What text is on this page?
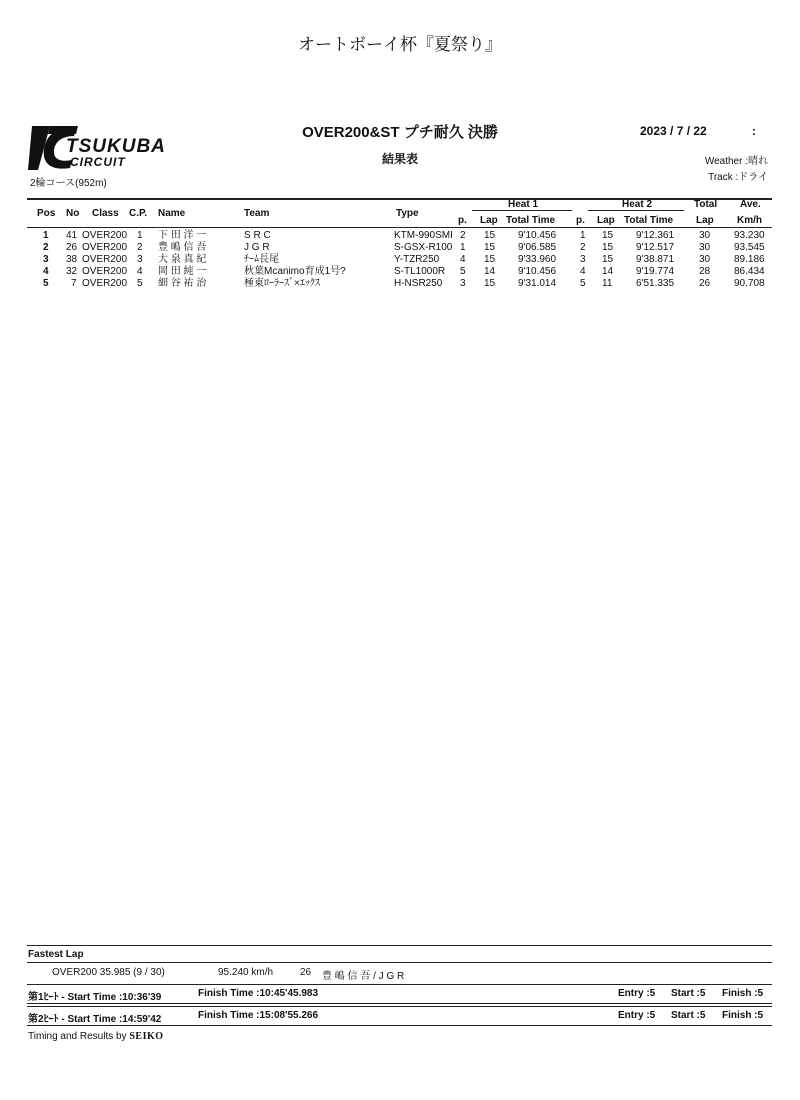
オートボーイ杯『夏祭り』
TSUKUBA
CIRCUIT
2輪コース(952m)
OVER200&ST プチ耐久 決勝
結果表
2023 / 7 / 22	:
Weather :晴れ
Track :ドライ
Pos No Class C.P. Name	Team	Type
Heat 1	Heat 2	Total Ave.
p. Lap Total Time p. Lap Total Time Lap Km/h
1 41 OVER200 1 下 田 洋 一	S R C	KTM-990SMI 2 15 9'10.456 1 15 9'12.361 30 93.230
2 26 OVER200 2 豊 嶋 信 吾	J G R	S-GSX-R100 1 15 9'06.585 2 15 9'12.517 30 93.545
3 38 OVER200 3 大 泉 真 紀	ﾁｰﾑ長尾	Y-TZR250 4 15 9'33.960 3 15 9'38.871 30 89.186
4 32 OVER200 4 岡 田 純 一	秋葉Mcanimo育成1号?	S-TL1000R 5 14 9'10.456 4 14 9'19.774 28 86.434
5 7 OVER200 5 細 谷 祐 治	極東ﾛｰﾗｰｽﾞ×ｴｯｸｽ	H-NSR250 3 15 9'31.014 5 11 6'51.335 26 90.708
Fastest Lap
OVER200 35.985 (9 / 30)	95.240 km/h	26 豊 嶋 信 吾 / J G R
第1ﾋｰﾄ - Start Time :10:36'39	Finish Time :10:45'45.983	Entry :5 Start :5 Finish :5
第2ﾋｰﾄ - Start Time :14:59'42	Finish Time :15:08'55.266	Entry :5 Start :5 Finish :5
Timing and Results by SEIKO
